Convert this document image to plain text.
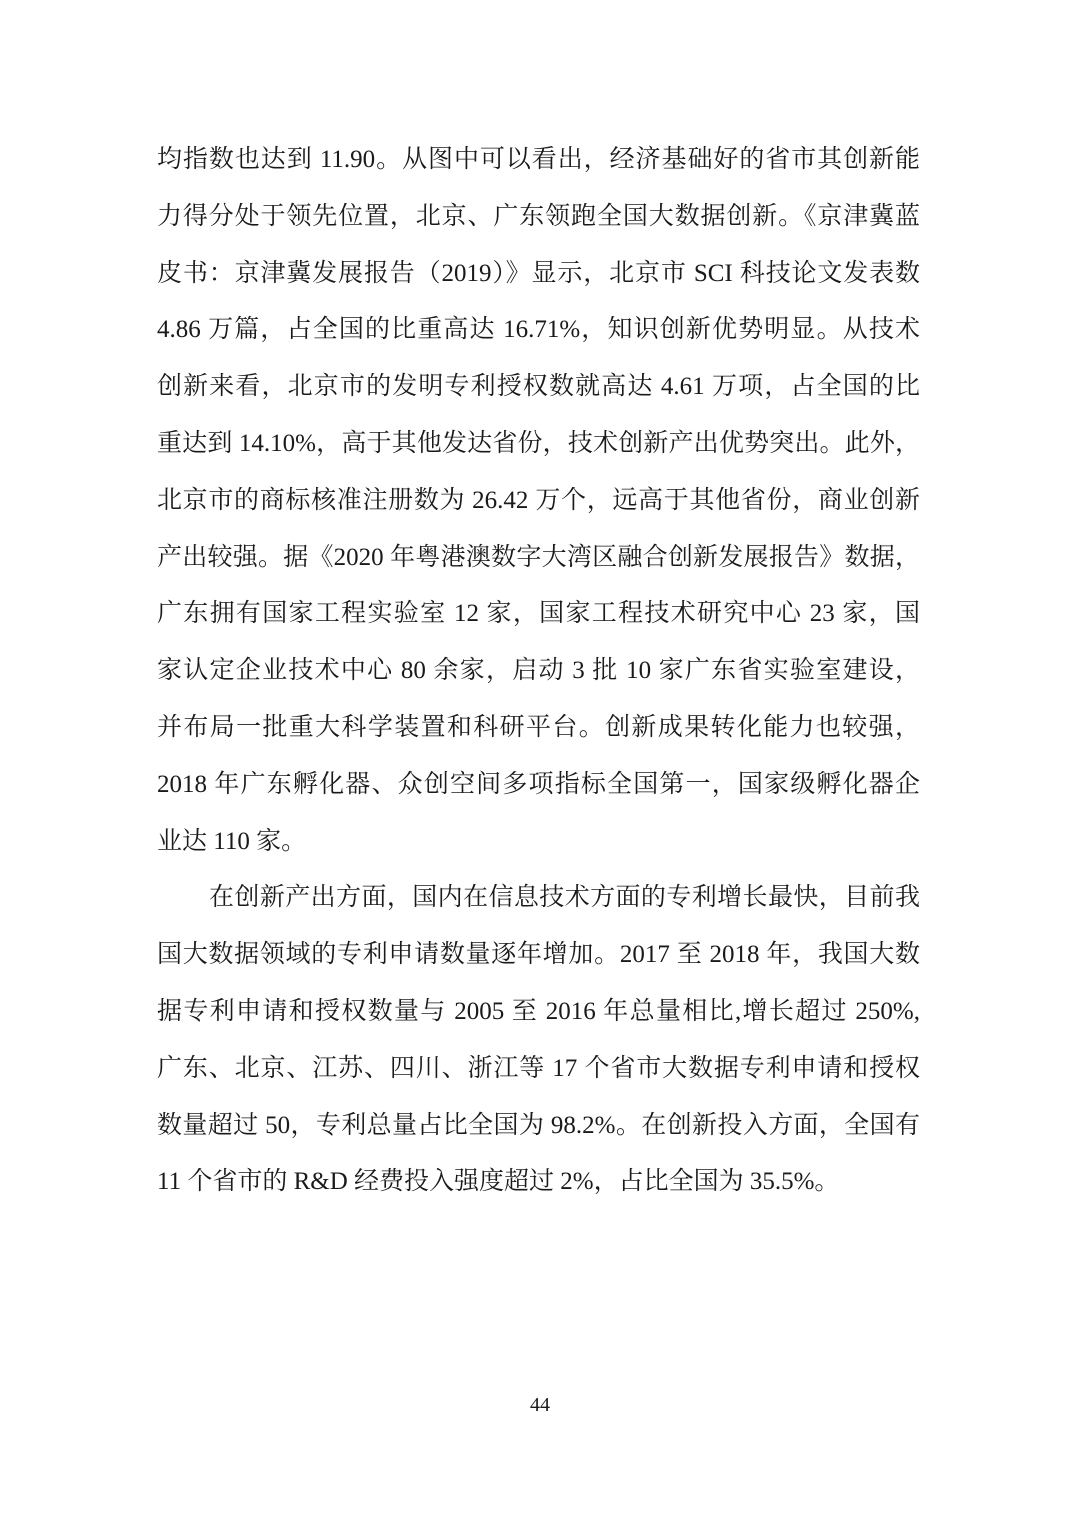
均指数也达到 11.90。从图中可以看出，经济基础好的省市其创新能
力得分处于领先位置，北京、广东领跑全国大数据创新。《京津冀蓝
皮书：京津冀发展报告（2019）》显示，北京市 SCI 科技论文发表数
4.86 万篇，占全国的比重高达 16.71%，知识创新优势明显。从技术
创新来看，北京市的发明专利授权数就高达 4.61 万项，占全国的比
重达到 14.10%，高于其他发达省份，技术创新产出优势突出。此外，
北京市的商标核准注册数为 26.42 万个，远高于其他省份，商业创新
产出较强。据《2020 年粤港澳数字大湾区融合创新发展报告》数据，
广东拥有国家工程实验室 12 家，国家工程技术研究中心 23 家，国
家认定企业技术中心 80 余家，启动 3 批 10 家广东省实验室建设，
并布局一批重大科学装置和科研平台。创新成果转化能力也较强，
2018 年广东孵化器、众创空间多项指标全国第一，国家级孵化器企
业达 110 家。
在创新产出方面，国内在信息技术方面的专利增长最快，目前我
国大数据领域的专利申请数量逐年增加。2017 至 2018 年，我国大数
据专利申请和授权数量与 2005 至 2016 年总量相比,增长超过 250%,
广东、北京、江苏、四川、浙江等 17 个省市大数据专利申请和授权
数量超过 50，专利总量占比全国为 98.2%。在创新投入方面，全国有
11 个省市的 R&D 经费投入强度超过 2%，占比全国为 35.5%。
44
